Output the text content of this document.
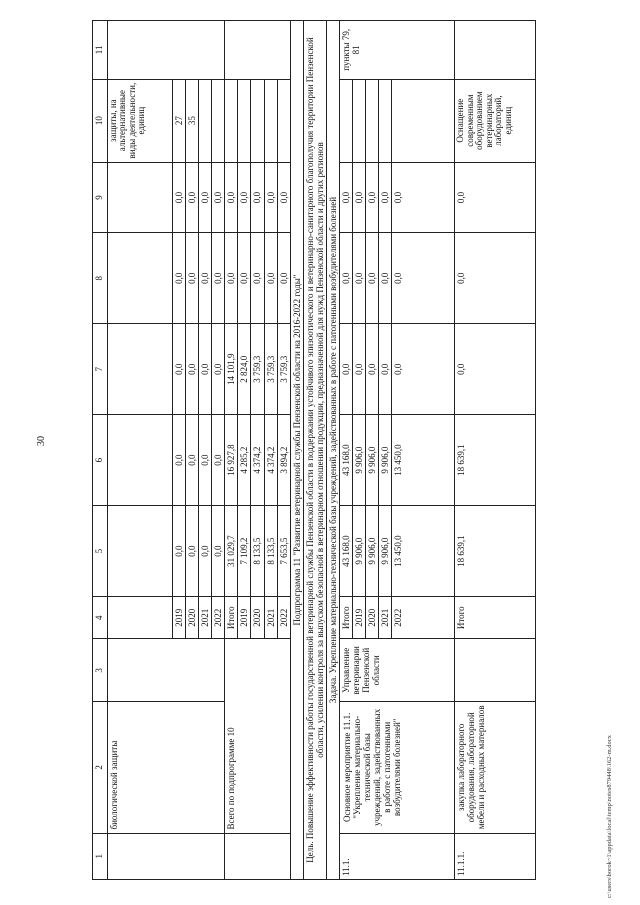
30
c:\users\borok~1\appdata\local\temp\notes879448\162-m.docx
1	2	3	4	5	6	7	8	9	10	11
	биологической защиты								защиты, на альтернативные виды деятельности, единиц	
			2019	0,0	0,0	0,0	0,0	0,0	27	
			2020	0,0	0,0	0,0	0,0	0,0	35	
			2021	0,0	0,0	0,0	0,0	0,0		
			2022	0,0	0,0	0,0	0,0	0,0		
	Всего по подпрограмме 10		Итого	31 029,7	16 927,8	14 101,9	0,0	0,0		
			2019	7 109,2	4 285,2	2 824,0	0,0	0,0		
			2020	8 133,5	4 374,2	3 759,3	0,0	0,0		
			2021	8 133,5	4 374,2	3 759,3	0,0	0,0		
			2022	7 653,5	3 894,2	3 759,3	0,0	0,0		
Подпрограмма 11 "Развитие ветеринарной службы Пензенской области на 2016-2022 годы"										
Цель. Повышение эффективности работы государственной ветеринарной службы Пензенской области в поддержании устойчивого эпизоотического и ветеринарно-санитарного благополучия территории Пензенской области, усилении контроля за выпуском безопасной в ветеринарном отношении продукции, предназначенной для нужд Пензенской области и других регионов										
Задача. Укрепление материально-технической базы учреждений, задействованных в работе с патогенными возбудителями болезней										
11.1.	Основное мероприятие 11.1. "Укрепление материально-технической базы учреждений, задействованных в работе с патогенными возбудителями болезней"	Управление ветеринарии Пензенской области	Итого	43 168,0	43 168,0	0,0	0,0	0,0		пункты 79, 81
			2019	9 906,0	9 906,0	0,0	0,0	0,0		
			2020	9 906,0	9 906,0	0,0	0,0	0,0		
			2021	9 906,0	9 906,0	0,0	0,0	0,0		
			2022	13 450,0	13 450,0	0,0	0,0	0,0		
11.1.1.	закупка лабораторного оборудования, лабораторной мебели и расходных материалов		Итого	18 639,1	18 639,1	0,0	0,0	0,0	Оснащение современным оборудованием ветеринарных лабораторий, единиц	
